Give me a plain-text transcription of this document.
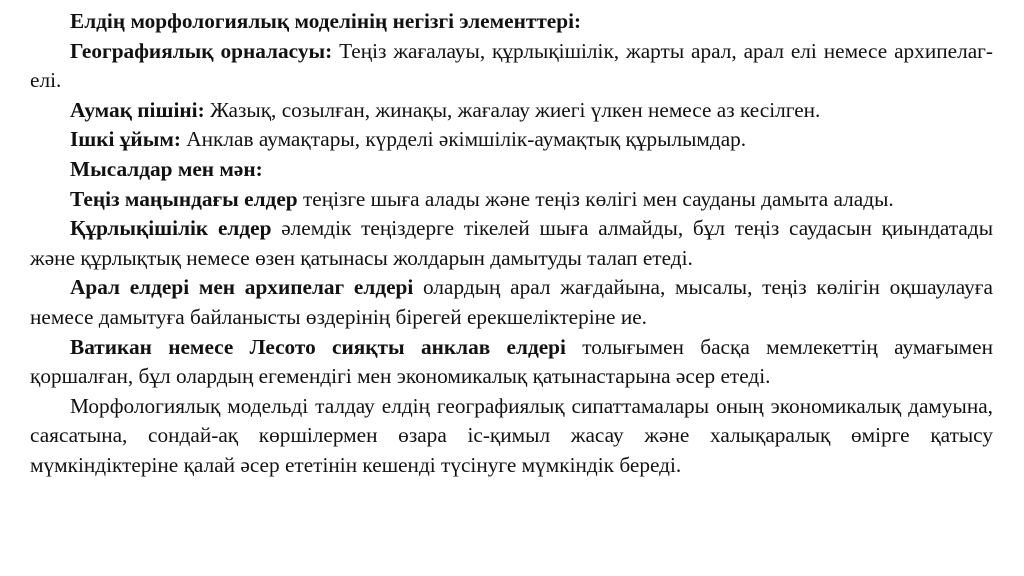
Елдің морфологиялық моделінің негізгі элементтері:

Географиялық орналасуы: Теңіз жағалауы, құрлықішілік, жарты арал, арал елі немесе архипелаг-елі.

Аумақ пішіні: Жазық, созылған, жинақы, жағалау жиегі үлкен немесе аз кесілген.

Ішкі ұйым: Анклав аумақтары, күрделі әкімшілік-аумақтық құрылымдар.

Мысалдар мен мән:

Теңіз маңындағы елдер теңізге шыға алады және теңіз көлігі мен сауданы дамыта алады.

Құрлықішілік елдер әлемдік теңіздерге тікелей шыға алмайды, бұл теңіз саудасын қиындатады және құрлықтық немесе өзен қатынасы жолдарын дамытуды талап етеді.

Арал елдері мен архипелаг елдері олардың арал жағдайына, мысалы, теңіз көлігін оқшаулауға немесе дамытуға байланысты өздерінің бірегей ерекшеліктеріне ие.

Ватикан немесе Лесото сияқты анклав елдері толығымен басқа мемлекеттің аумағымен қоршалған, бұл олардың егемендігі мен экономикалық қатынастарына әсер етеді.

Морфологиялық модельді талдау елдің географиялық сипаттамалары оның экономикалық дамуына, саясатына, сондай-ақ көршілермен өзара іс-қимыл жасау және халықаралық өмірге қатысу мүмкіндіктеріне қалай әсер ететінін кешенді түсінуге мүмкіндік береді.
